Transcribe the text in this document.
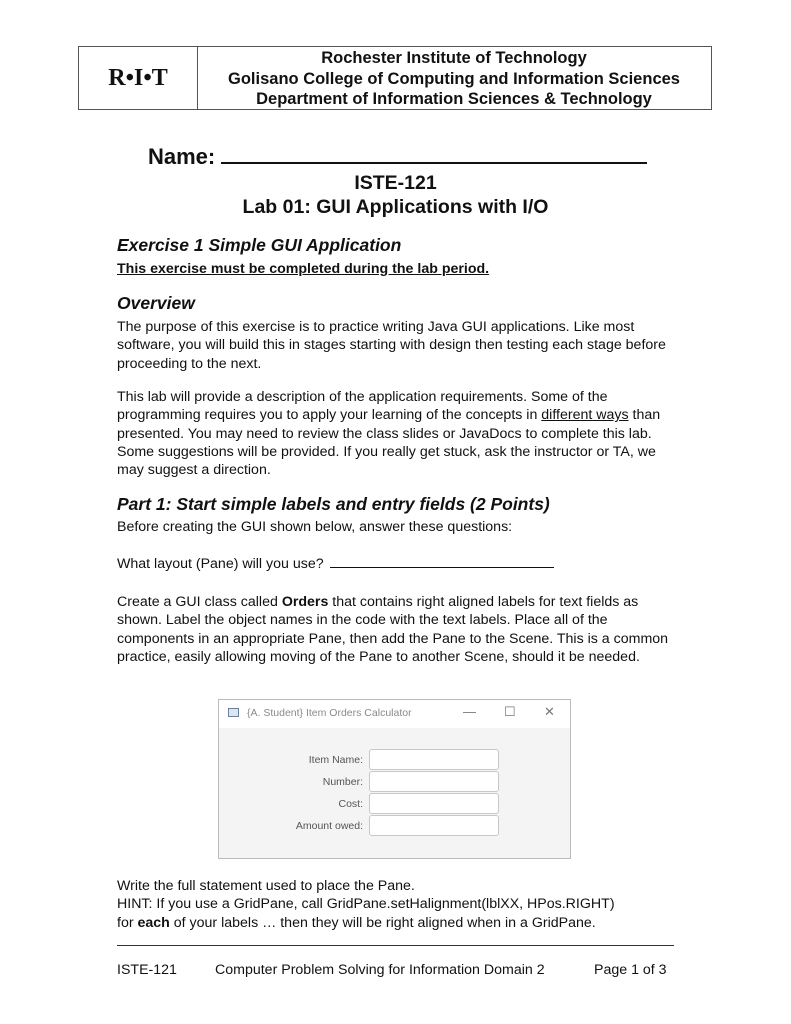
R•I•T
Rochester Institute of Technology
Golisano College of Computing and Information Sciences
Department of Information Sciences & Technology
Name:
ISTE-121
Lab 01: GUI Applications with I/O
Exercise 1 Simple GUI Application
This exercise must be completed during the lab period.
Overview
The purpose of this exercise is to practice writing Java GUI applications. Like most software, you will build this in stages starting with design then testing each stage before proceeding to the next.
This lab will provide a description of the application requirements. Some of the programming requires you to apply your learning of the concepts in different ways than presented. You may need to review the class slides or JavaDocs to complete this lab. Some suggestions will be provided. If you really get stuck, ask the instructor or TA, we may suggest a direction.
Part 1: Start simple labels and entry fields (2 Points)
Before creating the GUI shown below, answer these questions:
What layout (Pane) will you use?
Create a GUI class called Orders that contains right aligned labels for text fields as shown. Label the object names in the code with the text labels. Place all of the components in an appropriate Pane, then add the Pane to the Scene. This is a common practice, easily allowing moving of the Pane to another Scene, should it be needed.
{A. Student} Item Orders Calculator	— ☐ ✕
Item Name:
Number:
Cost:
Amount owed:
Write the full statement used to place the Pane.
HINT: If you use a GridPane, call GridPane.setHalignment(lblXX, HPos.RIGHT)
for each of your labels … then they will be right aligned when in a GridPane.
ISTE-121	Computer Problem Solving for Information Domain 2	Page 1 of 3
